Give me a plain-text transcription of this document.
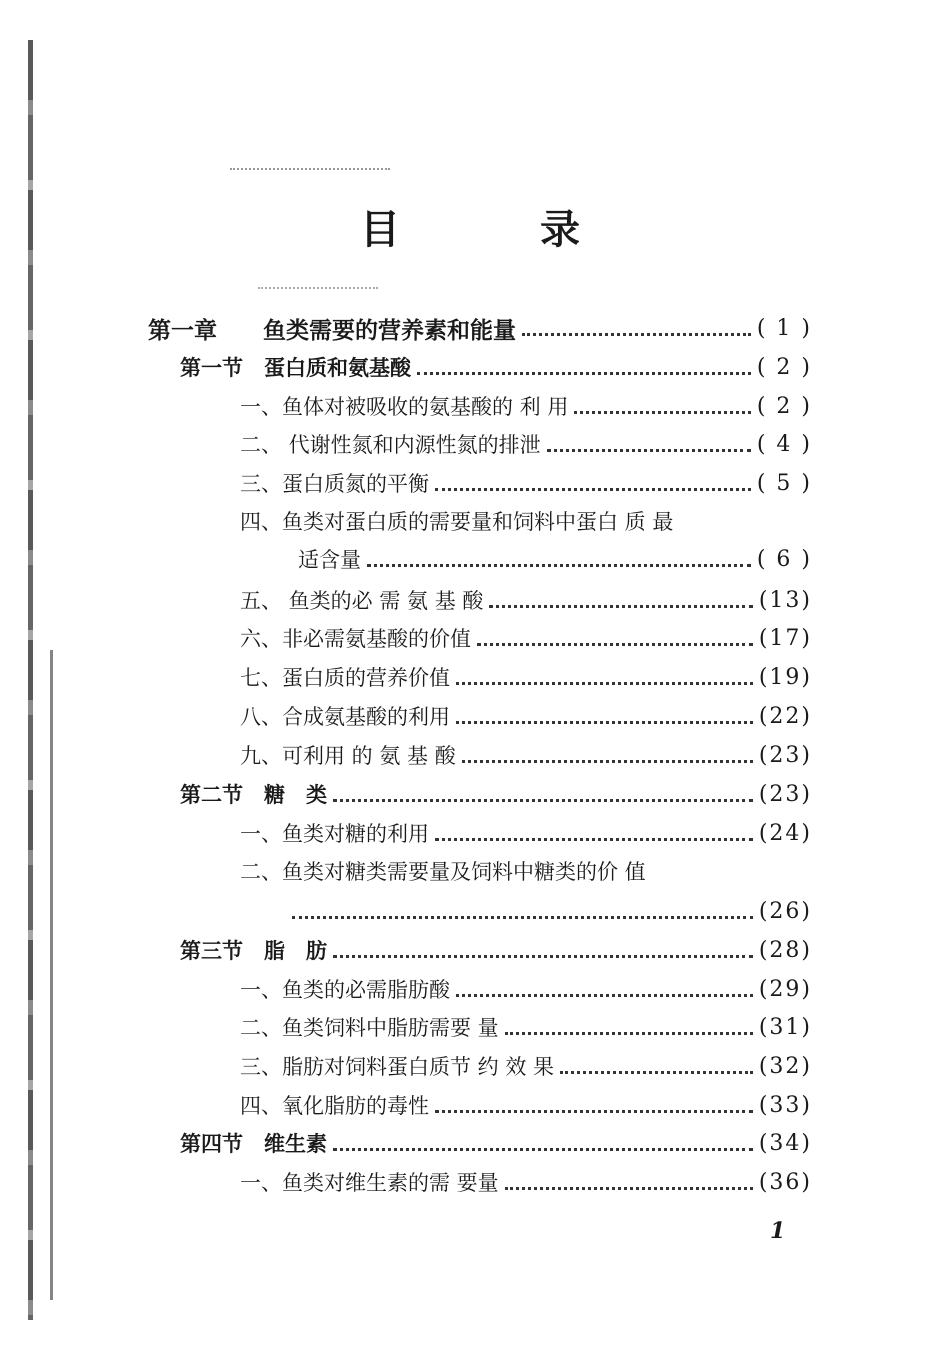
目	录
第一章　　鱼类需要的营养素和能量	( 1 )
第一节　蛋白质和氨基酸	( 2 )
一、鱼体对被吸收的氨基酸的 利 用	( 2 )
二、 代谢性氮和内源性氮的排泄	( 4 )
三、蛋白质氮的平衡	( 5 )
四、鱼类对蛋白质的需要量和饲料中蛋白 质 最
适含量	( 6 )
五、 鱼类的必 需 氨 基 酸	(13)
六、非必需氨基酸的价值	(17)
七、蛋白质的营养价值	(19)
八、合成氨基酸的利用	(22)
九、可利用 的 氨 基 酸	(23)
第二节　糖　类	(23)
一、鱼类对糖的利用	(24)
二、鱼类对糖类需要量及饲料中糖类的价 值
(26)
第三节　脂　肪	(28)
一、鱼类的必需脂肪酸	(29)
二、鱼类饲料中脂肪需要 量	(31)
三、脂肪对饲料蛋白质节 约 效 果	(32)
四、氧化脂肪的毒性	(33)
第四节　维生素	(34)
一、鱼类对维生素的需 要量	(36)
1
